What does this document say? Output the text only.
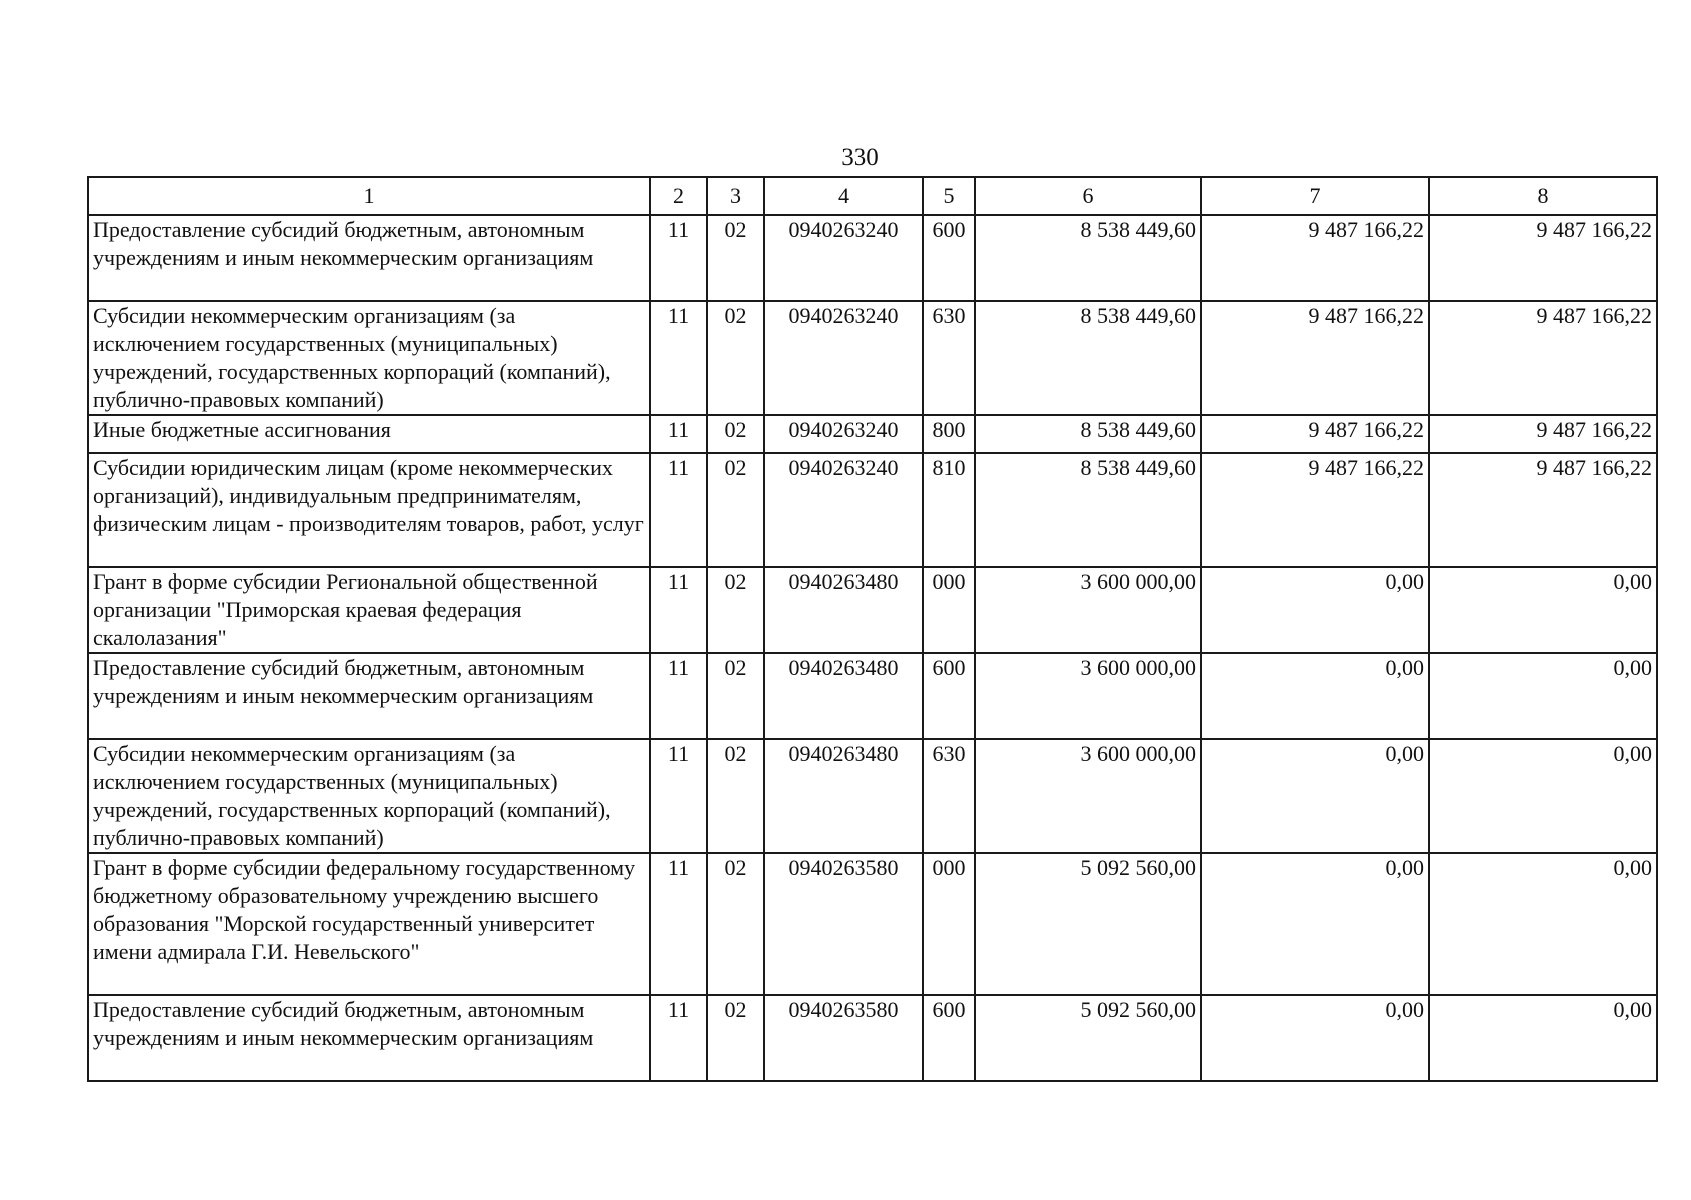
330
1	2	3	4	5	6	7	8
Предоставление субсидий бюджетным, автономным учреждениям и иным некоммерческим организациям	11	02	0940263240	600	8 538 449,60	9 487 166,22	9 487 166,22
Субсидии некоммерческим организациям (за исключением государственных (муниципальных) учреждений, государственных корпораций (компаний), публично-правовых компаний)	11	02	0940263240	630	8 538 449,60	9 487 166,22	9 487 166,22
Иные бюджетные ассигнования	11	02	0940263240	800	8 538 449,60	9 487 166,22	9 487 166,22
Субсидии юридическим лицам (кроме некоммерческих организаций), индивидуальным предпринимателям, физическим лицам - производителям товаров, работ, услуг	11	02	0940263240	810	8 538 449,60	9 487 166,22	9 487 166,22
Грант в форме субсидии Региональной общественной организации "Приморская краевая федерация скалолазания"	11	02	0940263480	000	3 600 000,00	0,00	0,00
Предоставление субсидий бюджетным, автономным учреждениям и иным некоммерческим организациям	11	02	0940263480	600	3 600 000,00	0,00	0,00
Субсидии некоммерческим организациям (за исключением государственных (муниципальных) учреждений, государственных корпораций (компаний), публично-правовых компаний)	11	02	0940263480	630	3 600 000,00	0,00	0,00
Грант в форме субсидии федеральному государственному бюджетному образовательному учреждению высшего образования "Морской государственный университет имени адмирала Г.И. Невельского"	11	02	0940263580	000	5 092 560,00	0,00	0,00
Предоставление субсидий бюджетным, автономным учреждениям и иным некоммерческим организациям	11	02	0940263580	600	5 092 560,00	0,00	0,00
